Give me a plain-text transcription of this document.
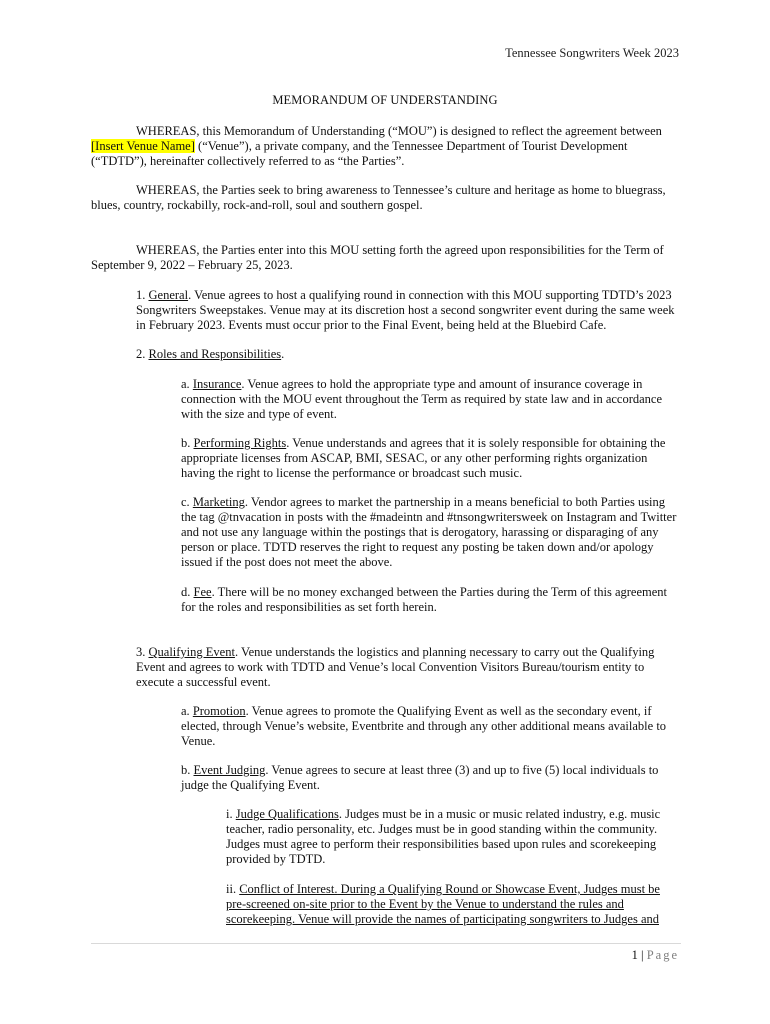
Tennessee Songwriters Week 2023
MEMORANDUM OF UNDERSTANDING

WHEREAS, this Memorandum of Understanding (“MOU”) is designed to reflect the agreement between [Insert Venue Name] (“Venue”), a private company, and the Tennessee Department of Tourist Development (“TDTD”), hereinafter collectively referred to as “the Parties”.

WHEREAS, the Parties seek to bring awareness to Tennessee’s culture and heritage as home to bluegrass, blues, country, rockabilly, rock-and-roll, soul and southern gospel.

WHEREAS, the Parties enter into this MOU setting forth the agreed upon responsibilities for the Term of September 9, 2022 – February 25, 2023.

1. General. Venue agrees to host a qualifying round in connection with this MOU supporting TDTD’s 2023 Songwriters Sweepstakes. Venue may at its discretion host a second songwriter event during the same week in February 2023. Events must occur prior to the Final Event, being held at the Bluebird Cafe.

2. Roles and Responsibilities.

a. Insurance. Venue agrees to hold the appropriate type and amount of insurance coverage in connection with the MOU event throughout the Term as required by state law and in accordance with the size and type of event.

b. Performing Rights. Venue understands and agrees that it is solely responsible for obtaining the appropriate licenses from ASCAP, BMI, SESAC, or any other performing rights organization having the right to license the performance or broadcast such music.

c. Marketing. Vendor agrees to market the partnership in a means beneficial to both Parties using the tag @tnvacation in posts with the #madeintn and #tnsongwritersweek on Instagram and Twitter and not use any language within the postings that is derogatory, harassing or disparaging of any person or place. TDTD reserves the right to request any posting be taken down and/or apology issued if the post does not meet the above.

d. Fee. There will be no money exchanged between the Parties during the Term of this agreement for the roles and responsibilities as set forth herein.

3. Qualifying Event. Venue understands the logistics and planning necessary to carry out the Qualifying Event and agrees to work with TDTD and Venue’s local Convention Visitors Bureau/tourism entity to execute a successful event.

a. Promotion. Venue agrees to promote the Qualifying Event as well as the secondary event, if elected, through Venue’s website, Eventbrite and through any other additional means available to Venue.

b. Event Judging. Venue agrees to secure at least three (3) and up to five (5) local individuals to judge the Qualifying Event.

i. Judge Qualifications. Judges must be in a music or music related industry, e.g. music teacher, radio personality, etc. Judges must be in good standing within the community. Judges must agree to perform their responsibilities based upon rules and scorekeeping provided by TDTD.

ii. Conflict of Interest. During a Qualifying Round or Showcase Event, Judges must be pre-screened on-site prior to the Event by the Venue to understand the rules and scorekeeping. Venue will provide the names of participating songwriters to Judges and

1 | Page
